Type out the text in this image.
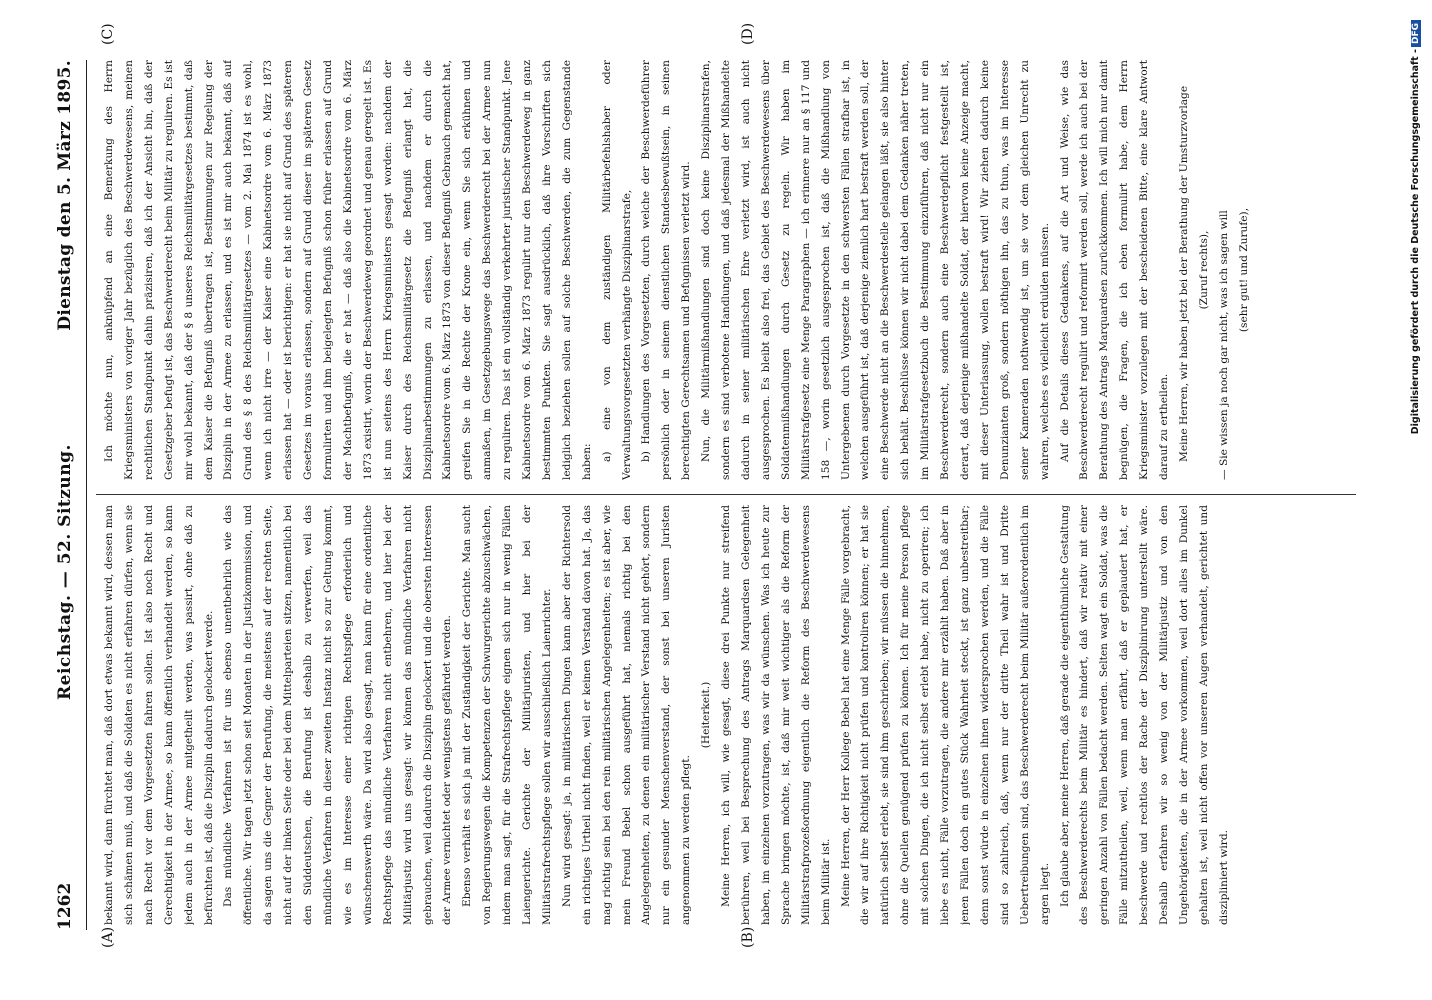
1262
Reichstag. — 52. Sitzung.
Dienstag den 5. März 1895.
(A)	(B)
(C)	(D)

bekannt wird, dann fürchtet man, daß dort etwas bekannt wird, dessen man sich schämen muß, und daß die Soldaten es nicht erfahren dürfen, wenn sie nach Recht vor dem Vorgesetzten fahren sollen. Ist also noch Recht und Gerechtigkeit in der Armee, so kann öffentlich verhandelt werden, so kann jedem auch in der Armee mitgetheilt werden, was passirt, ohne daß zu befürchten ist, daß die Disziplin dadurch gelockert werde. Das mündliche Verfahren ist für uns ebenso unentbehrlich wie das öffentliche. Wir tagen jetzt schon seit Monaten in der Justizkommission, und da sagen uns die Gegner der Berufung, die meistens auf der rechten Seite, nicht auf der linken Seite oder bei dem Mittelparteien sitzen, namentlich bei den Süddeutschen, die Berufung ist deshalb zu verwerfen, weil das mündliche Verfahren in dieser zweiten Instanz nicht so zur Geltung kommt, wie es im Interesse einer richtigen Rechtspflege erforderlich und wünschenswerth wäre. Da wird also gesagt, man kann für eine ordentliche Rechtspflege das mündliche Verfahren nicht entbehren, und hier bei der Militärjustiz wird uns gesagt: wir können das mündliche Verfahren nicht gebrauchen, weil dadurch die Disziplin gelockert und die obersten Interessen der Armee vernichtet oder wenigstens gefährdet werden. Ebenso verhält es sich ja mit der Zuständigkeit der Gerichte. Man sucht von Regierungswegen die Kompetenzen der Schwurgerichte abzuschwächen, indem man sagt, für die Strafrechtspflege eignen sich nur in wenig Fällen Laiengerichte. Gerichte der Militärjuristen, und hier bei der Militärstrafrechtspflege sollen wir ausschließlich Laienrichter. Nun wird gesagt: ja, in militärischen Dingen kann aber der Richtersold ein richtiges Urtheil nicht finden, weil er keinen Verstand davon hat. Ja, das mag richtig sein bei den rein militärischen Angelegenheiten; es ist aber, wie mein Freund Bebel schon ausgeführt hat, niemals richtig bei den Angelegenheiten, zu denen ein militärischer Verstand nicht gehört, sondern nur ein gesunder Menschenverstand, der sonst bei unseren Juristen angenommen zu werden pflegt.

(Heiterkeit.) Meine Herren, ich will, wie gesagt, diese drei Punkte nur streifend berühren, weil bei Besprechung des Antrags Marquardsen Gelegenheit haben, im einzelnen vorzutragen, was wir da wünschen. Was ich heute zur Sprache bringen möchte, ist, daß mir weit wichtiger als die Reform der Militärstrafprozeßordnung eigentlich die Reform des Beschwerdewesens beim Militär ist. Meine Herren, der Herr Kollege Bebel hat eine Menge Fälle vorgebracht, die wir auf ihre Richtigkeit nicht prüfen und kontroliren können; er hat sie natürlich selbst erlebt, sie sind ihm geschrieben; wir müssen die hinnehmen, ohne die Quellen genügend prüfen zu können. Ich für meine Person pflege mit solchen Dingen, die ich nicht selbst erlebt habe, nicht zu operiren; ich liebe es nicht, Fälle vorzutragen, die andere mir erzählt haben. Daß aber in jenen Fällen doch ein gutes Stück Wahrheit steckt, ist ganz unbestreitbar; denn sonst würde in einzelnen ihnen widersprochen werden, und die Fälle sind so zahlreich, daß, wenn nur der dritte Theil wahr ist und Dritte Uebertreibungen sind, das Beschwerderecht beim Militär außerordentlich im argen liegt. Ich glaube aber, meine Herren, daß gerade die eigenthümliche Gestaltung des Beschwerderechts beim Militär es hindert, daß wir relativ mit einer geringen Anzahl von Fällen bedacht werden. Selten wagt ein Soldat, was die Fälle mitzutheilen, weil, wenn man erfährt, daß er geplaudert hat, er beschwerde und rechtlos der Rache der Disziplinirung unterstellt wäre. Deshalb erfahren wir so wenig von der Militärjustiz und von den Ungehörigkeiten, die in der Armee vorkommen, weil dort alles im Dunkel gehalten ist, weil nicht offen vor unseren Augen verhandelt, gerichtet und diszipliniert wird.

Ich möchte nun, anknüpfend an eine Bemerkung des Herrn Kriegsministers von voriger Jahr bezüglich des Beschwerdewesens, meinen rechtlichen Standpunkt dahin präzisiren, daß ich der Ansicht bin, daß der Gesetzgeber befugt ist, das Beschwerderecht beim Militär zu reguliren. Es ist mir wohl bekannt, daß der § 8 unseres Reichsmilitärgesetzes bestimmt, daß dem Kaiser die Befugniß übertragen ist, Bestimmungen zur Regelung der Disziplin in der Armee zu erlassen, und es ist mir auch bekannt, daß auf Grund des § 8 des Reichsmilitärgesetzes — vom 2. Mai 1874 ist es wohl, wenn ich nicht irre — der Kaiser eine Kabinetsordre vom 6. März 1873 erlassen hat — oder ist berichtigen: er hat sie nicht auf Grund des späteren Gesetzes im voraus erlassen, sondern auf Grund dieser im späteren Gesetz formulirten und ihm beigelegten Befugniß schon früher erlassen auf Grund der Machtbefugniß, die er hat — daß also die Kabinetsordre vom 6. März 1873 existirt, worin der Beschwerdeweg geordnet und genau geregelt ist. Es ist nun seitens des Herrn Kriegsministers gesagt worden: nachdem der Kaiser durch des Reichsmilitärgesetz die Befugniß erlangt hat, die Disziplinarbestimmungen zu erlassen, und nachdem er durch die Kabinetsordre vom 6. März 1873 von dieser Befugniß Gebrauch gemacht hat, greifen Sie in die Rechte der Krone ein, wenn Sie sich erkühnen und anmaßen, im Gesetzgebungswege das Beschwerderecht bei der Armee nun zu reguliren. Das ist ein vollständig verkehrter juristischer Standpunkt. Jene Kabinetsordre vom 6. März 1873 regulirt nur den Beschwerdeweg in ganz bestimmten Punkten. Sie sagt ausdrücklich, daß ihre Vorschriften sich lediglich beziehen sollen auf solche Beschwerden, die zum Gegenstande haben: a) eine von dem zuständigen Militärbefehlshaber oder Verwaltungsvorgesetzten verhängte Disziplinarstrafe, b) Handlungen des Vorgesetzten, durch welche der Beschwerdeführer persönlich oder in seinem dienstlichen Standesbewußtsein, in seinen berechtigten Gerechtsamen und Befugnissen verletzt wird. Nun, die Militärmißhandlungen sind doch keine Disziplinarstrafen, sondern es sind verbotene Handlungen, und daß jedesmal der Mißhandelte dadurch in seiner militärischen Ehre verletzt wird, ist auch nicht ausgesprochen. Es bleibt also frei, das Gebiet des Beschwerdewesens über Soldatenmißhandlungen durch Gesetz zu regeln. Wir haben im Militärstrafgesetz eine Menge Paragraphen — ich erinnere nur an § 117 und 158 —, worin gesetzlich ausgesprochen ist, daß die Mißhandlung von Untergebenen durch Vorgesetzte in den schwersten Fällen strafbar ist, in welchen ausgeführt ist, daß derjenige ziemlich hart bestraft werden soll, der eine Beschwerde nicht an die Beschwerdestelle gelangen läßt, sie also hinter sich behält. Beschlüsse können wir nicht dabei dem Gedanken näher treten, im Militärstrafgesetzbuch die Bestimmung einzuführen, daß nicht nur ein Beschwerderecht, sondern auch eine Beschwerdepflicht festgestellt ist, derart, daß derjenige mißhandelte Soldat, der hiervon keine Anzeige macht, mit dieser Unterlassung, wollen bestraft wird! Wir ziehen dadurch keine Denunzianten groß, sondern nöthigen ihn, das zu thun, was im Interesse seiner Kameraden nothwendig ist, um sie vor dem gleichen Unrecht zu wahren, welches es vielleicht erdulden müssen. Auf die Details dieses Gedankens, auf die Art und Weise, wie das Beschwerderecht regulirt und reformirt werden soll, werde ich auch bei der Berathung des Antrags Marquardsen zurückkommen. Ich will mich nur damit begnügen, die Fragen, die ich eben formulirt habe, dem Herrn Kriegsminister vorzulegen mit der bescheidenen Bitte, eine klare Antwort darauf zu ertheilen. Meine Herren, wir haben jetzt bei der Berathung der Umsturzvorlage (Zuruf rechts), — Sie wissen ja noch gar nicht, was ich sagen will (sehr gut! und Zurufe),	Digitalisierung gefördert durch die Deutsche Forschungsgemeinschaft -DFG
